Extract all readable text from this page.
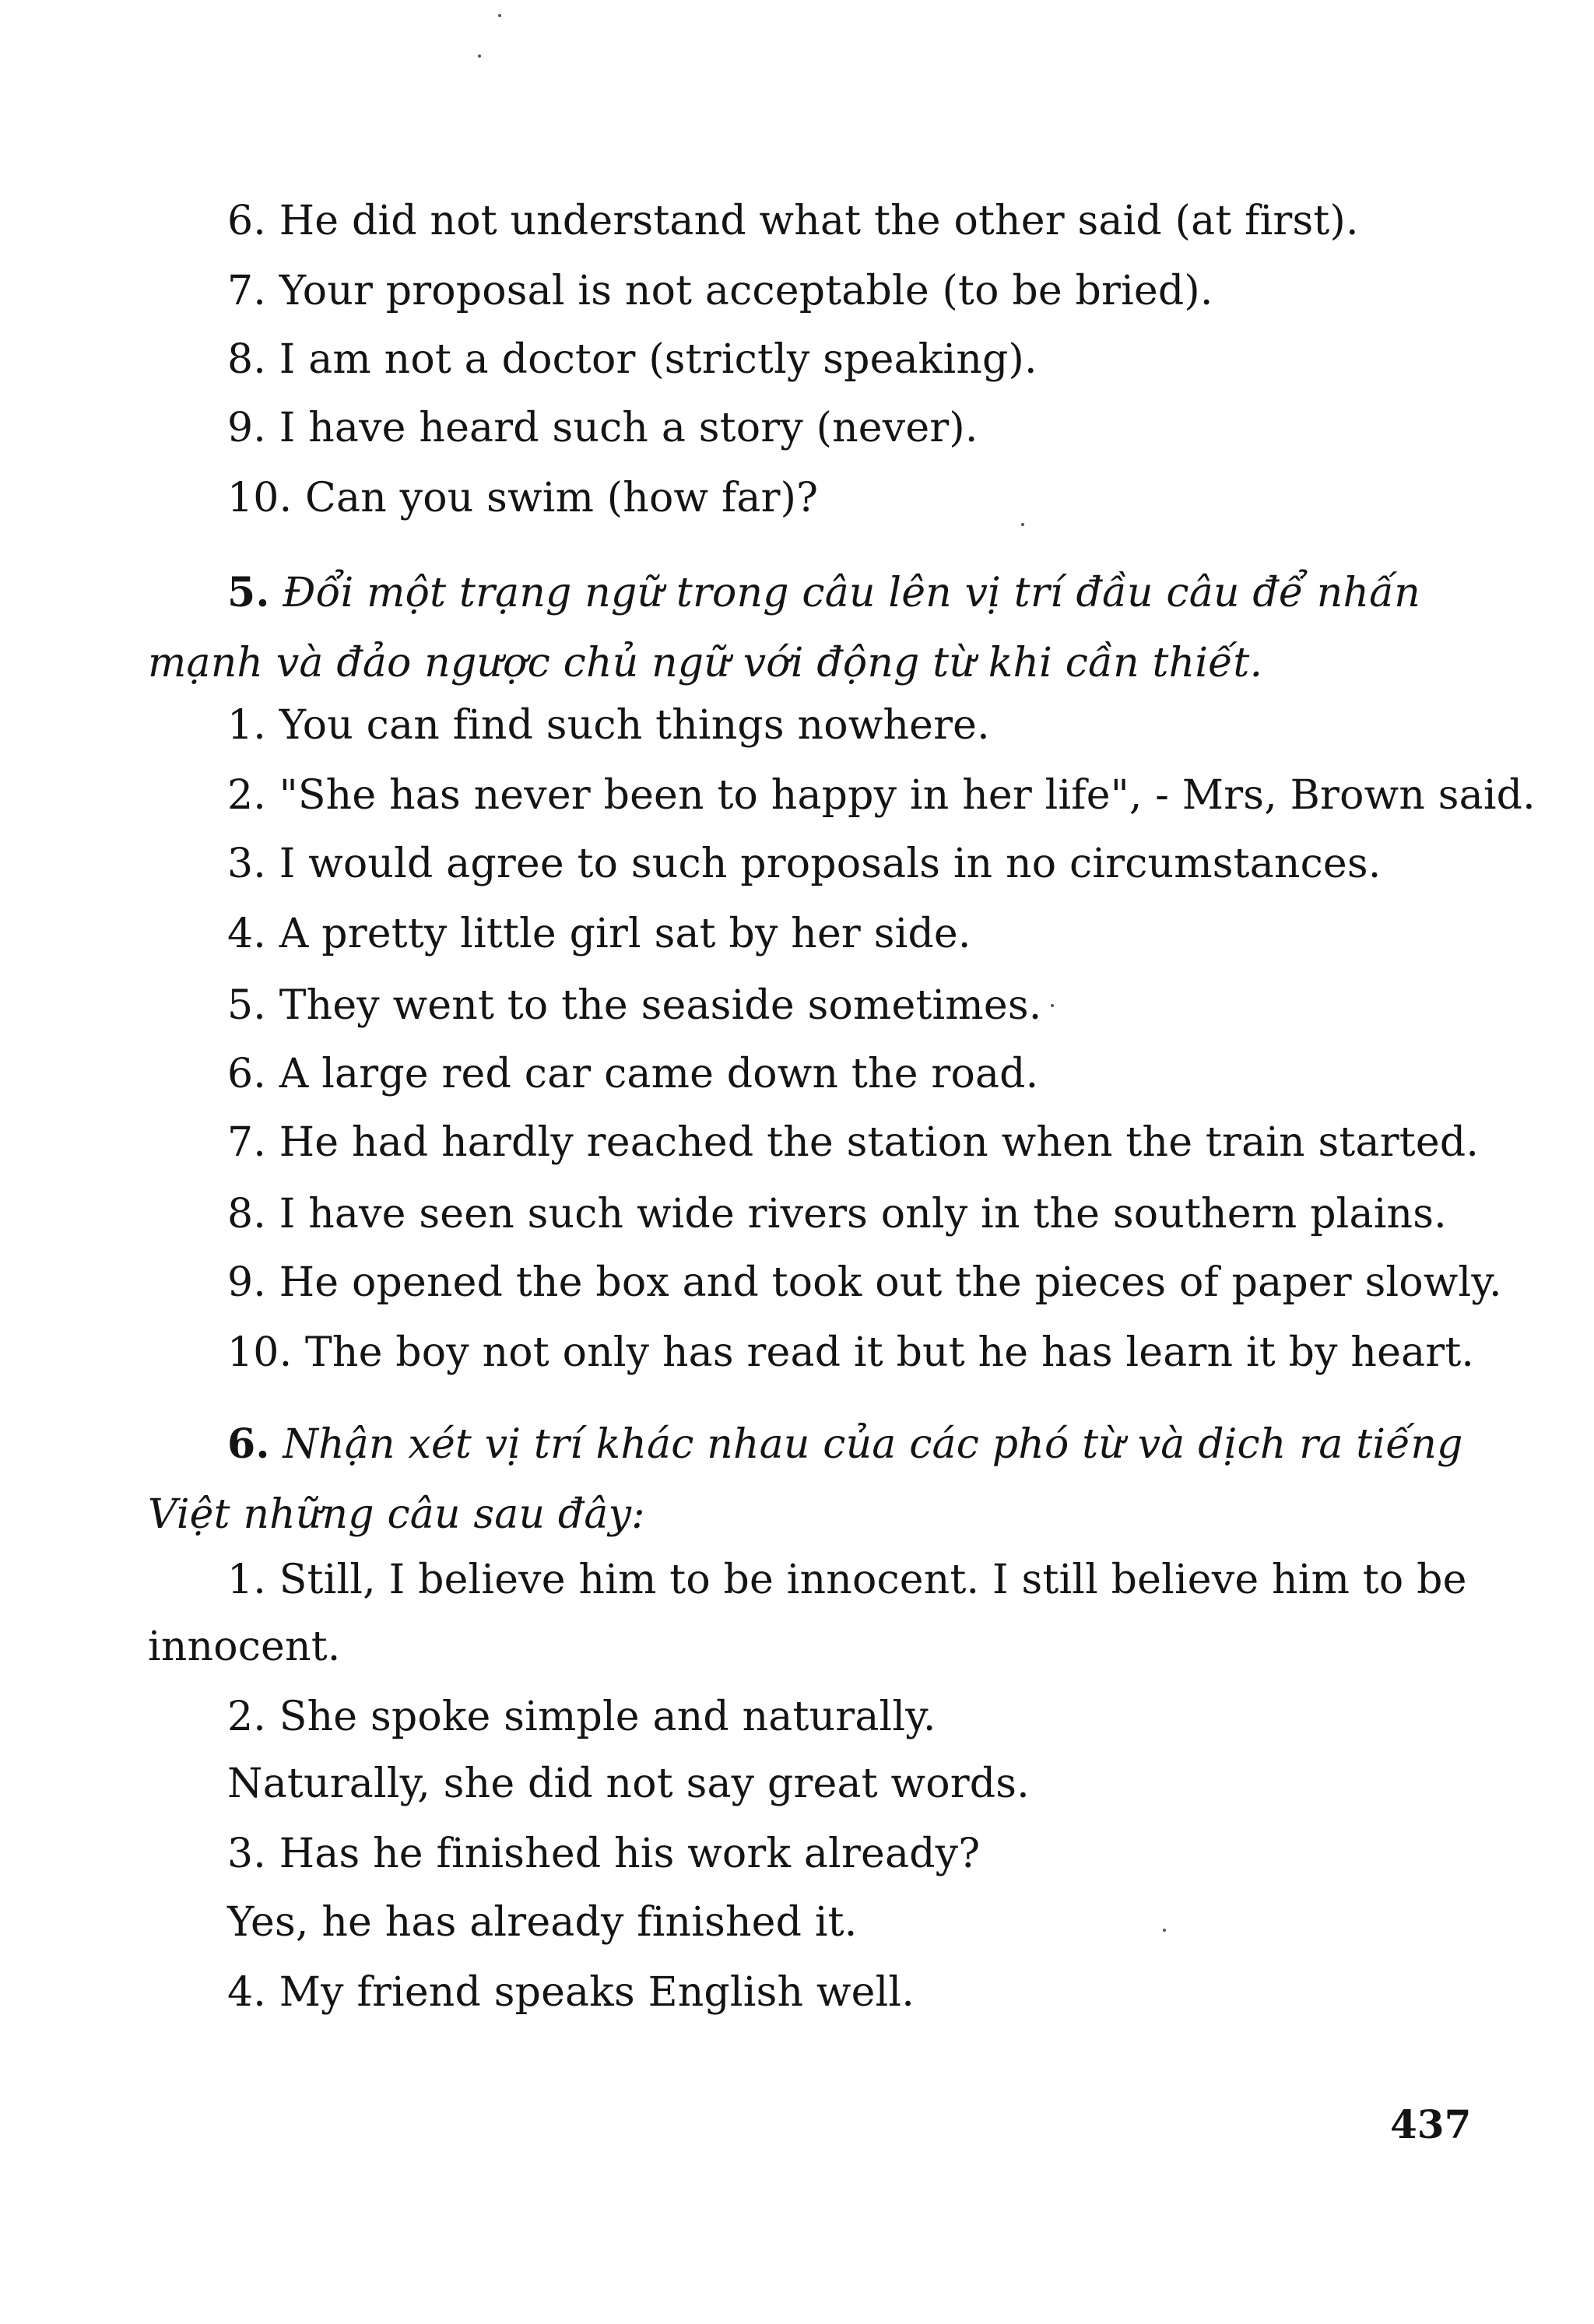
6. He did not understand what the other said (at first).
7. Your proposal is not acceptable (to be bried).
8. I am not a doctor (strictly speaking).
9. I have heard such a story (never).
10. Can you swim (how far)?
5. Đổi một trạng ngữ trong câu lên vị trí đầu câu để nhấn
mạnh và đảo ngược chủ ngữ với động từ khi cần thiết.
1. You can find such things nowhere.
2. "She has never been to happy in her life", - Mrs, Brown said.
3. I would agree to such proposals in no circumstances.
4. A pretty little girl sat by her side.
5. They went to the seaside sometimes.
6. A large red car came down the road.
7. He had hardly reached the station when the train started.
8. I have seen such wide rivers only in the southern plains.
9. He opened the box and took out the pieces of paper slowly.
10. The boy not only has read it but he has learn it by heart.
6. Nhận xét vị trí khác nhau của các phó từ và dịch ra tiếng
Việt những câu sau đây:
1. Still, I believe him to be innocent. I still believe him to be
innocent.
2. She spoke simple and naturally.
Naturally, she did not say great words.
3. Has he finished his work already?
Yes, he has already finished it.
4. My friend speaks English well.
437
